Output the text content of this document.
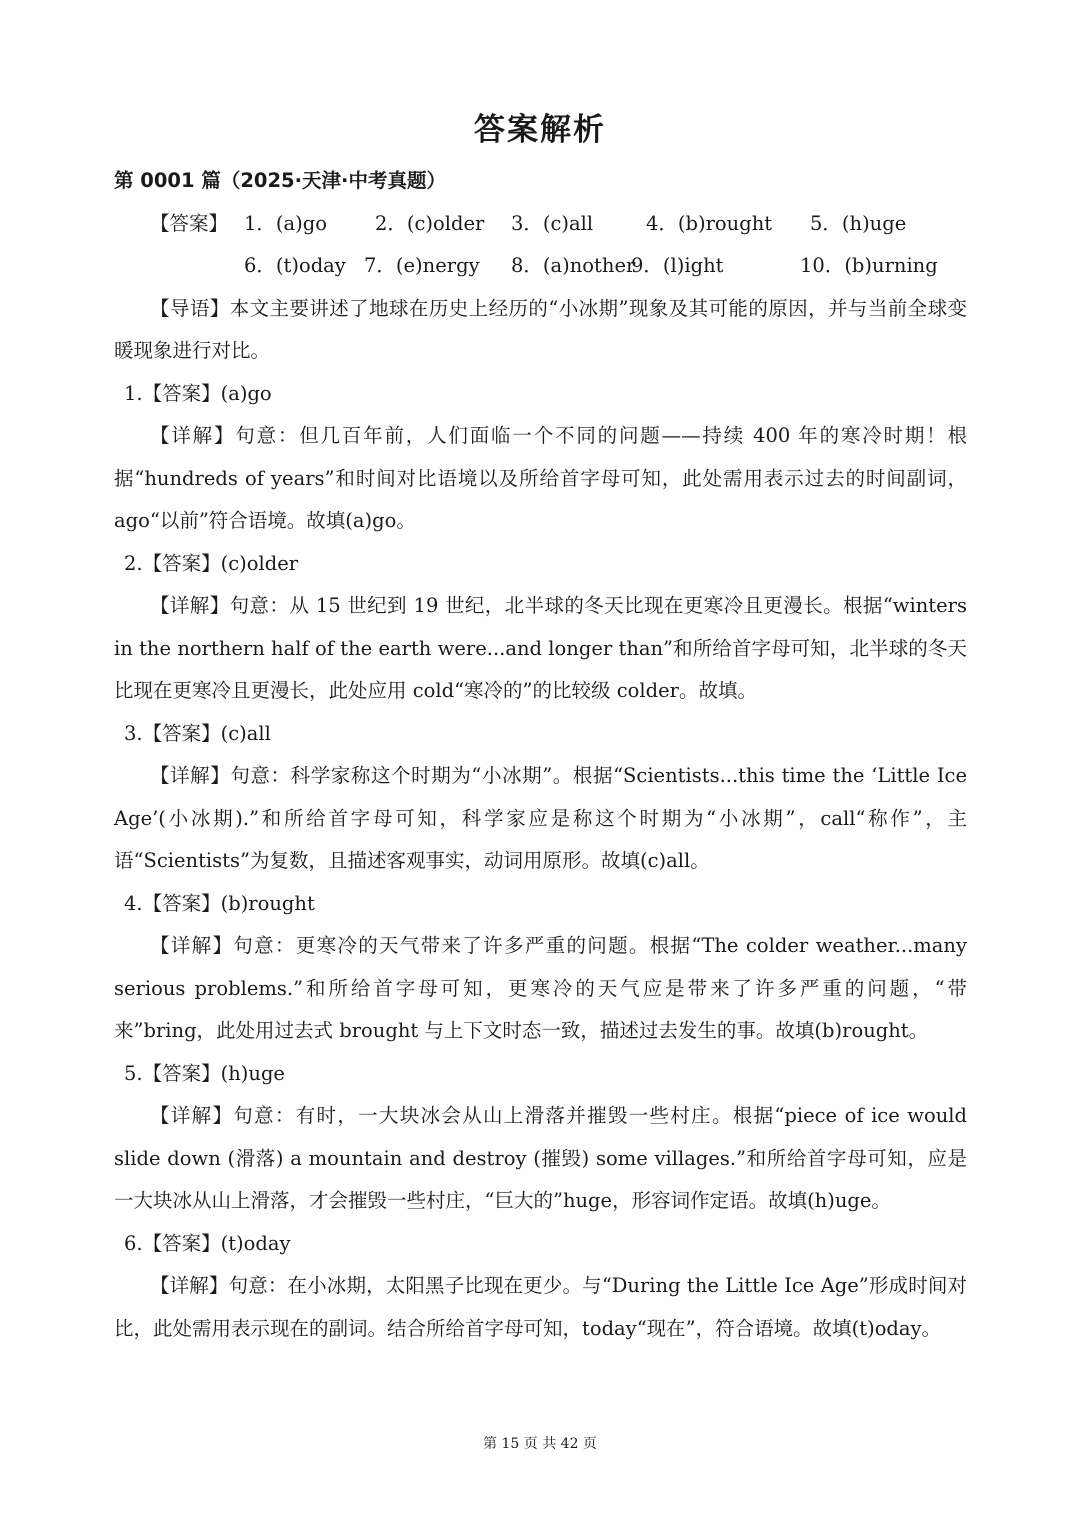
答案解析
第 0001 篇（2025·天津·中考真题）
【答案】 1．(a)go 2．(c)older 3．(c)all	4．(b)rought 5．(h)uge
6．(t)oday 7．(e)nergy 8．(a)nother
9．(l)ight	10．(b)urning
【导语】本文主要讲述了地球在历史上经历的“小冰期”现象及其可能的原因，并与当前全球变暖现象进行对比。
1.【答案】(a)go
【详解】句意：但几百年前，人们面临一个不同的问题——持续 400 年的寒冷时期！根据“hundreds of years”和时间对比语境以及所给首字母可知，此处需用表示过去的时间副词，ago“以前”符合语境。故填(a)go。
2.【答案】(c)older
【详解】句意：从 15 世纪到 19 世纪，北半球的冬天比现在更寒冷且更漫长。根据“winters in the northern half of the earth were...and longer than”和所给首字母可知，北半球的冬天比现在更寒冷且更漫长，此处应用 cold“寒冷的”的比较级 colder。故填。
3.【答案】(c)all
【详解】句意：科学家称这个时期为“小冰期”。根据“Scientists...this time the ‘Little Ice Age’(小冰期).”和所给首字母可知，科学家应是称这个时期为“小冰期”，call“称作”，主语“Scientists”为复数，且描述客观事实，动词用原形。故填(c)all。
4.【答案】(b)rought
【详解】句意：更寒冷的天气带来了许多严重的问题。根据“The colder weather...many serious problems.”和所给首字母可知，更寒冷的天气应是带来了许多严重的问题，“带来”bring，此处用过去式 brought 与上下文时态一致，描述过去发生的事。故填(b)rought。
5.【答案】(h)uge
【详解】句意：有时，一大块冰会从山上滑落并摧毁一些村庄。根据“piece of ice would slide down (滑落) a mountain and destroy (摧毁) some villages.”和所给首字母可知，应是一大块冰从山上滑落，才会摧毁一些村庄，“巨大的”huge，形容词作定语。故填(h)uge。
6.【答案】(t)oday
【详解】句意：在小冰期，太阳黑子比现在更少。与“During the Little Ice Age”形成时间对比，此处需用表示现在的副词。结合所给首字母可知，today“现在”，符合语境。故填(t)oday。
第 15 页 共 42 页
